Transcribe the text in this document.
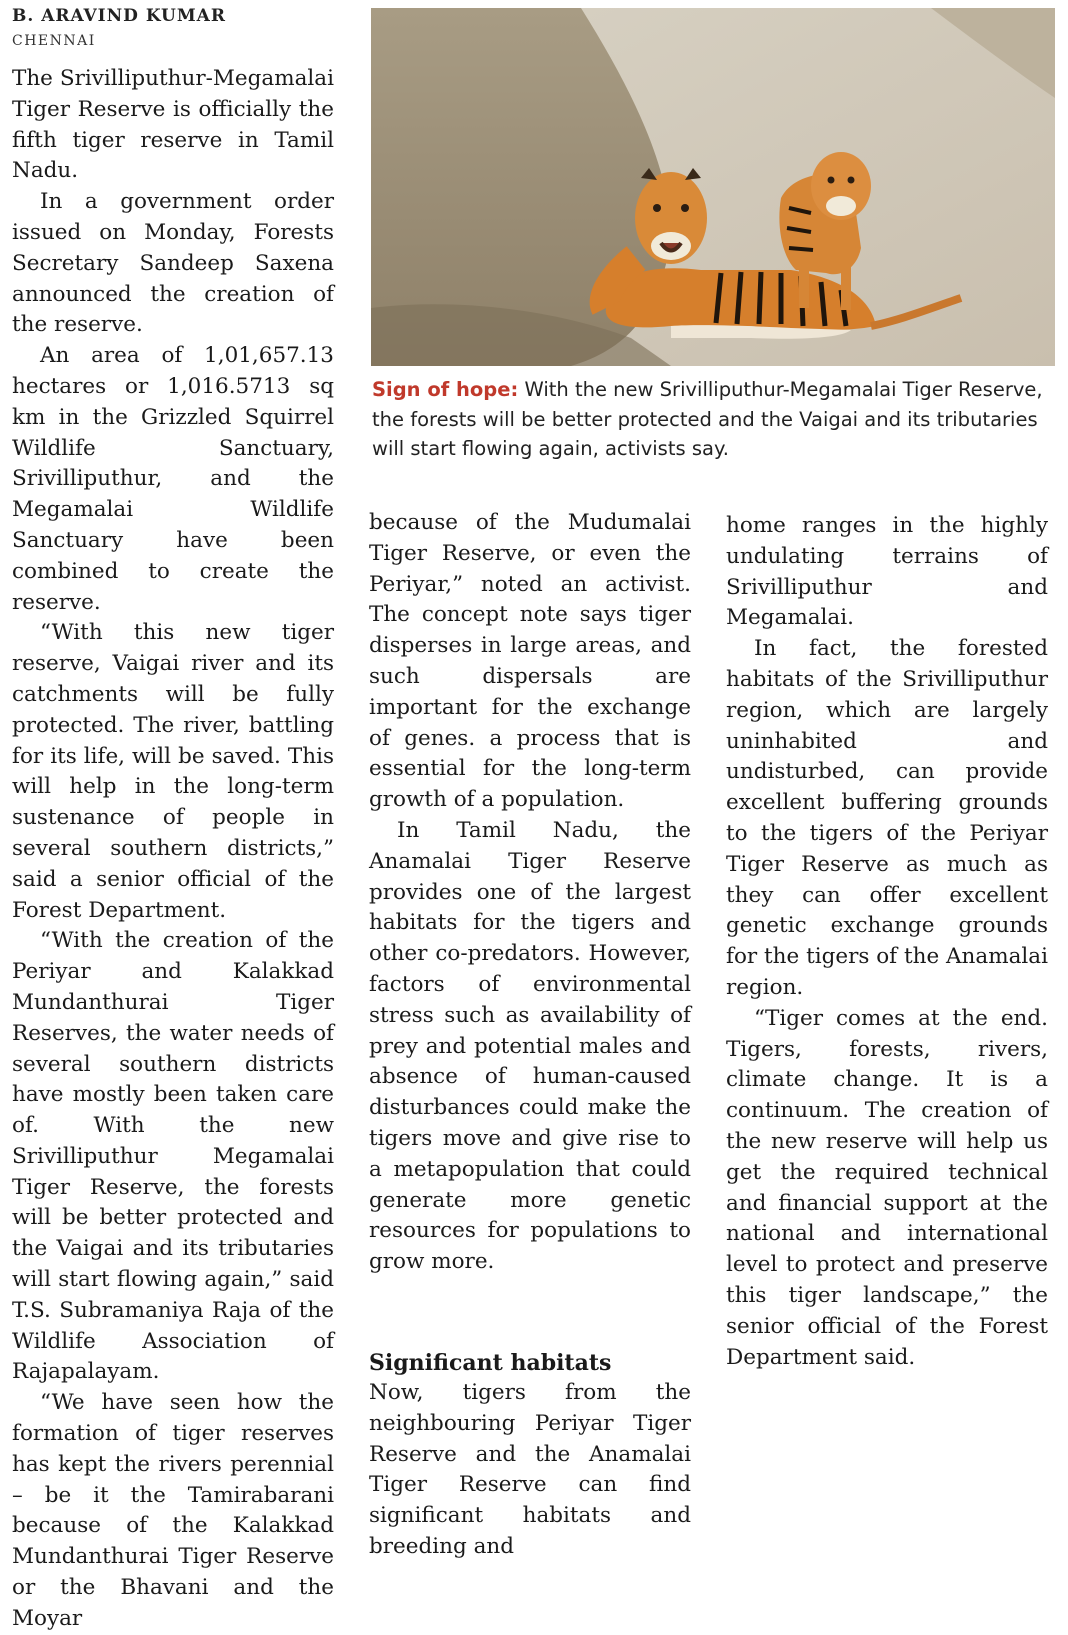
B. ARAVIND KUMAR
CHENNAI

The Srivilliputhur-Megamalai Tiger Reserve is officially the fifth tiger reserve in Tamil Nadu.

In a government order issued on Monday, Forests Secretary Sandeep Saxena announced the creation of the reserve.

An area of 1,01,657.13 hectares or 1,016.5713 sq km in the Grizzled Squirrel Wildlife Sanctuary, Srivilliputhur, and the Megamalai Wildlife Sanctuary have been combined to create the reserve.

“With this new tiger reserve, Vaigai river and its catchments will be fully protected. The river, battling for its life, will be saved. This will help in the long-term sustenance of people in several southern districts,” said a senior official of the Forest Department.

“With the creation of the Periyar and Kalakkad Mundanthurai Tiger Reserves, the water needs of several southern districts have mostly been taken care of. With the new Srivilliputhur Megamalai Tiger Reserve, the forests will be better protected and the Vaigai and its tributaries will start flowing again,” said T.S. Subramaniya Raja of the Wildlife Association of Rajapalayam.

“We have seen how the formation of tiger reserves has kept the rivers perennial – be it the Tamirabarani because of the Kalakkad Mundanthurai Tiger Reserve or the Bhavani and the Moyar

Sign of hope: With the new Srivilliputhur-Megamalai Tiger Reserve, the forests will be better protected and the Vaigai and its tributaries will start flowing again, activists say.

because of the Mudumalai Tiger Reserve, or even the Periyar,” noted an activist. The concept note says tiger disperses in large areas, and such dispersals are important for the exchange of genes. a process that is essential for the long-term growth of a population.

In Tamil Nadu, the Anamalai Tiger Reserve provides one of the largest habitats for the tigers and other co-predators. However, factors of environmental stress such as availability of prey and potential males and absence of human-caused disturbances could make the tigers move and give rise to a metapopulation that could generate more genetic resources for populations to grow more.

Significant habitats

Now, tigers from the neighbouring Periyar Tiger Reserve and the Anamalai Tiger Reserve can find significant habitats and breeding and

home ranges in the highly undulating terrains of Srivilliputhur and Megamalai.

In fact, the forested habitats of the Srivilliputhur region, which are largely uninhabited and undisturbed, can provide excellent buffering grounds to the tigers of the Periyar Tiger Reserve as much as they can offer excellent genetic exchange grounds for the tigers of the Anamalai region.

“Tiger comes at the end. Tigers, forests, rivers, climate change. It is a continuum. The creation of the new reserve will help us get the required technical and financial support at the national and international level to protect and preserve this tiger landscape,” the senior official of the Forest Department said.
